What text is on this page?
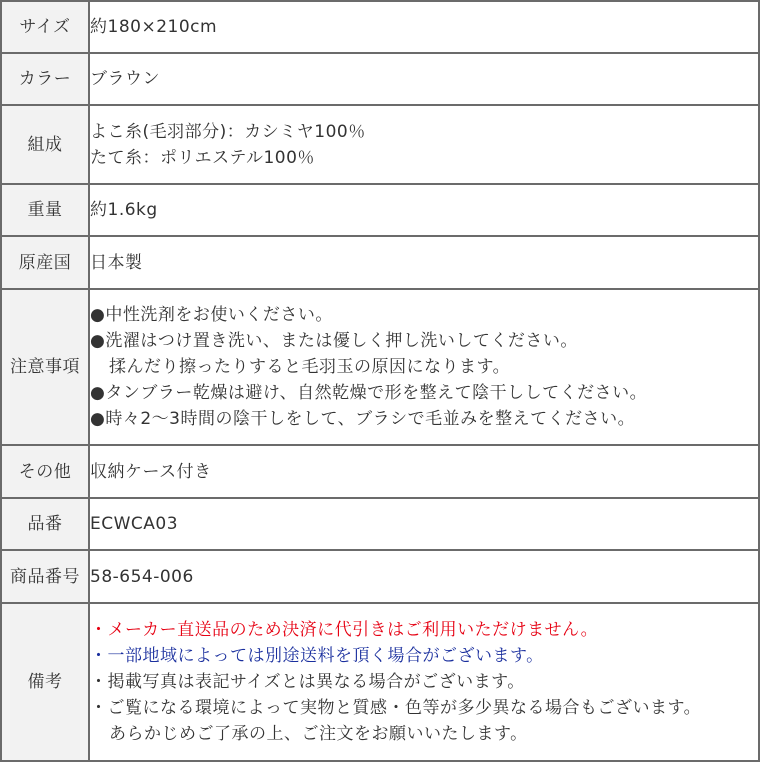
サイズ	約180×210cm

カラー	ブラウン

組成	よこ糸(毛羽部分)：カシミヤ100％
たて糸：ポリエステル100％

重量	約1.6kg

原産国	日本製

注意事項	●中性洗剤をお使いください。
●洗濯はつけ置き洗い、または優しく押し洗いしてください。
揉んだり擦ったりすると毛羽玉の原因になります。
●タンブラー乾燥は避け、自然乾燥で形を整えて陰干ししてください。
●時々2～3時間の陰干しをして、ブラシで毛並みを整えてください。

その他	収納ケース付き

品番	ECWCA03

商品番号	58-654-006

備考	・メーカー直送品のため決済に代引きはご利用いただけません。
・一部地域によっては別途送料を頂く場合がございます。
・掲載写真は表記サイズとは異なる場合がございます。
・ご覧になる環境によって実物と質感・色等が多少異なる場合もございます。
あらかじめご了承の上、ご注文をお願いいたします。
